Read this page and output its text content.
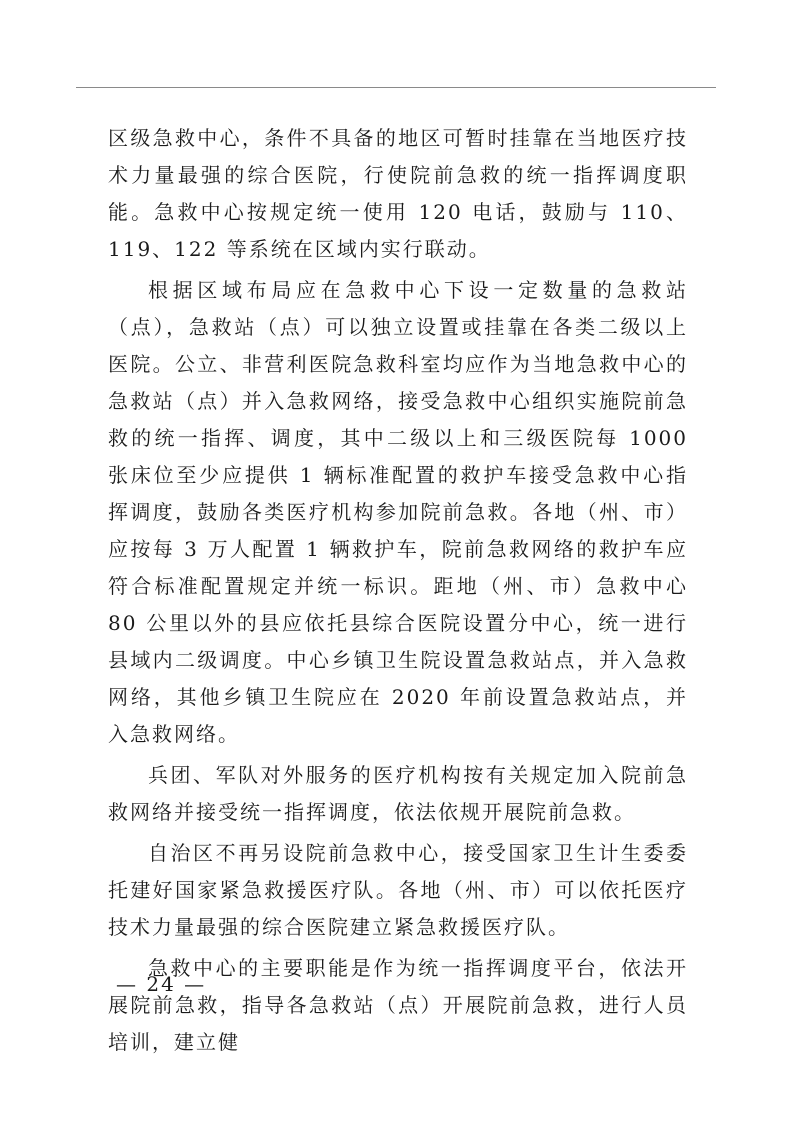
区级急救中心，条件不具备的地区可暂时挂靠在当地医疗技术力量最强的综合医院，行使院前急救的统一指挥调度职能。急救中心按规定统一使用 120 电话，鼓励与 110、119、122 等系统在区域内实行联动。

根据区域布局应在急救中心下设一定数量的急救站（点），急救站（点）可以独立设置或挂靠在各类二级以上医院。公立、非营利医院急救科室均应作为当地急救中心的急救站（点）并入急救网络，接受急救中心组织实施院前急救的统一指挥、调度，其中二级以上和三级医院每 1000 张床位至少应提供 1 辆标准配置的救护车接受急救中心指挥调度，鼓励各类医疗机构参加院前急救。各地（州、市）应按每 3 万人配置 1 辆救护车，院前急救网络的救护车应符合标准配置规定并统一标识。距地（州、市）急救中心 80 公里以外的县应依托县综合医院设置分中心，统一进行县域内二级调度。中心乡镇卫生院设置急救站点，并入急救网络，其他乡镇卫生院应在 2020 年前设置急救站点，并入急救网络。

兵团、军队对外服务的医疗机构按有关规定加入院前急救网络并接受统一指挥调度，依法依规开展院前急救。

自治区不再另设院前急救中心，接受国家卫生计生委委托建好国家紧急救援医疗队。各地（州、市）可以依托医疗技术力量最强的综合医院建立紧急救援医疗队。

急救中心的主要职能是作为统一指挥调度平台，依法开展院前急救，指导各急救站（点）开展院前急救，进行人员培训，建立健

— 24 —
